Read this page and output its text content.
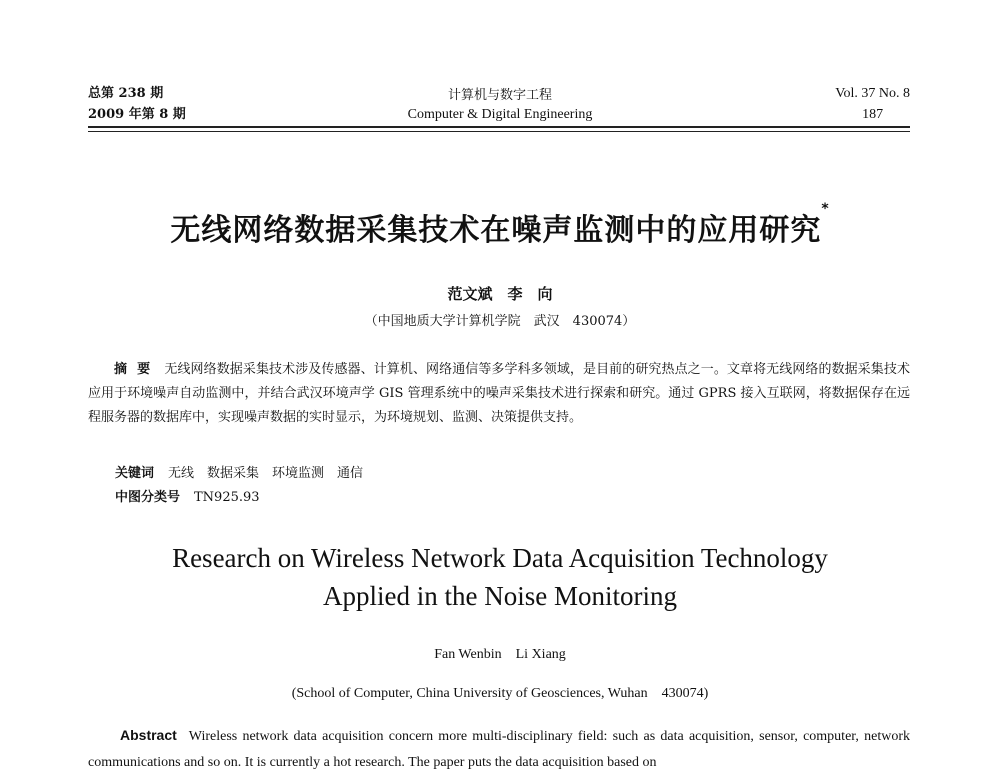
总第 238 期
2009 年第 8 期
计算机与数字工程
Computer & Digital Engineering
Vol. 37 No. 8
187
无线网络数据采集技术在噪声监测中的应用研究*
范文斌　李　向
（中国地质大学计算机学院　武汉　430074）

摘要 无线网络数据采集技术涉及传感器、计算机、网络通信等多学科多领域，是目前的研究热点之一。文章将无线网络的数据采集技术应用于环境噪声自动监测中，并结合武汉环境声学 GIS 管理系统中的噪声采集技术进行探索和研究。通过 GPRS 接入互联网，将数据保存在远程服务器的数据库中，实现噪声数据的实时显示，为环境规划、监测、决策提供支持。

关键词 无线　数据采集　环境监测　通信
中图分类号 TN925.93
Research on Wireless Network Data Acquisition Technology
Applied in the Noise Monitoring
Fan Wenbin　Li Xiang
(School of Computer, China University of Geosciences, Wuhan　430074)

Abstract Wireless network data acquisition concern more multi-disciplinary field: such as data acquisition, sensor, computer, network communications and so on. It is currently a hot research. The paper puts the data acquisition based on
